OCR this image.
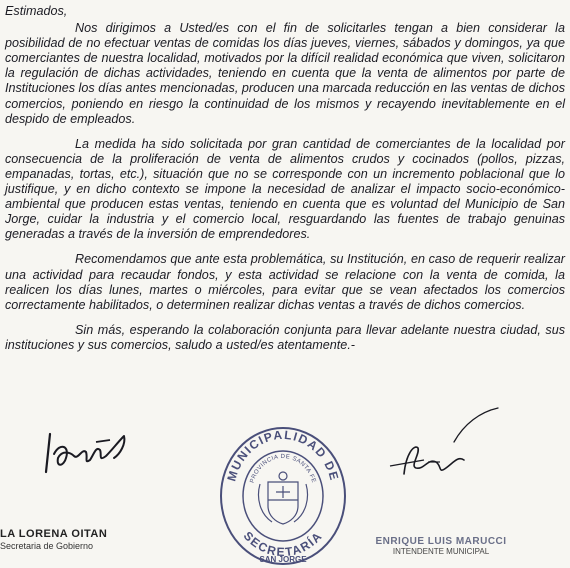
Estimados,

Nos dirigimos a Usted/es con el fin de solicitarles tengan a bien considerar la posibilidad de no efectuar ventas de comidas los días jueves, viernes, sábados y domingos, ya que comerciantes de nuestra localidad, motivados por la difícil realidad económica que viven, solicitaron la regulación de dichas actividades, teniendo en cuenta que la venta de alimentos por parte de Instituciones los días antes mencionadas, producen una marcada reducción en las ventas de dichos comercios, poniendo en riesgo la continuidad de los mismos y recayendo inevitablemente en el despido de empleados.

La medida ha sido solicitada por gran cantidad de comerciantes de la localidad por consecuencia de la proliferación de venta de alimentos crudos y cocinados (pollos, pizzas, empanadas, tortas, etc.), situación que no se corresponde con un incremento poblacional que lo justifique, y en dicho contexto se impone la necesidad de analizar el impacto socio-económico-ambiental que producen estas ventas, teniendo en cuenta que es voluntad del Municipio de San Jorge, cuidar la industria y el comercio local, resguardando las fuentes de trabajo genuinas generadas a través de la inversión de emprendedores.

Recomendamos que ante esta problemática, su Institución, en caso de requerir realizar una actividad para recaudar fondos, y esta actividad se relacione con la venta de comida, la realicen los días lunes, martes o miércoles, para evitar que se vean afectados los comercios correctamente habilitados, o determinen realizar dichas ventas a través de dichos comercios.

Sin más, esperando la colaboración conjunta para llevar adelante nuestra ciudad, sus instituciones y sus comercios, saludo a usted/es atentamente.-

LA LORENA OITAN
Secretaria de Gobierno
MUNICIPALIDAD DE
PROVINCIA DE SANTA FE
SECRETARÍA
SAN JORGE
ENRIQUE LUIS MARUCCI
INTENDENTE MUNICIPAL
